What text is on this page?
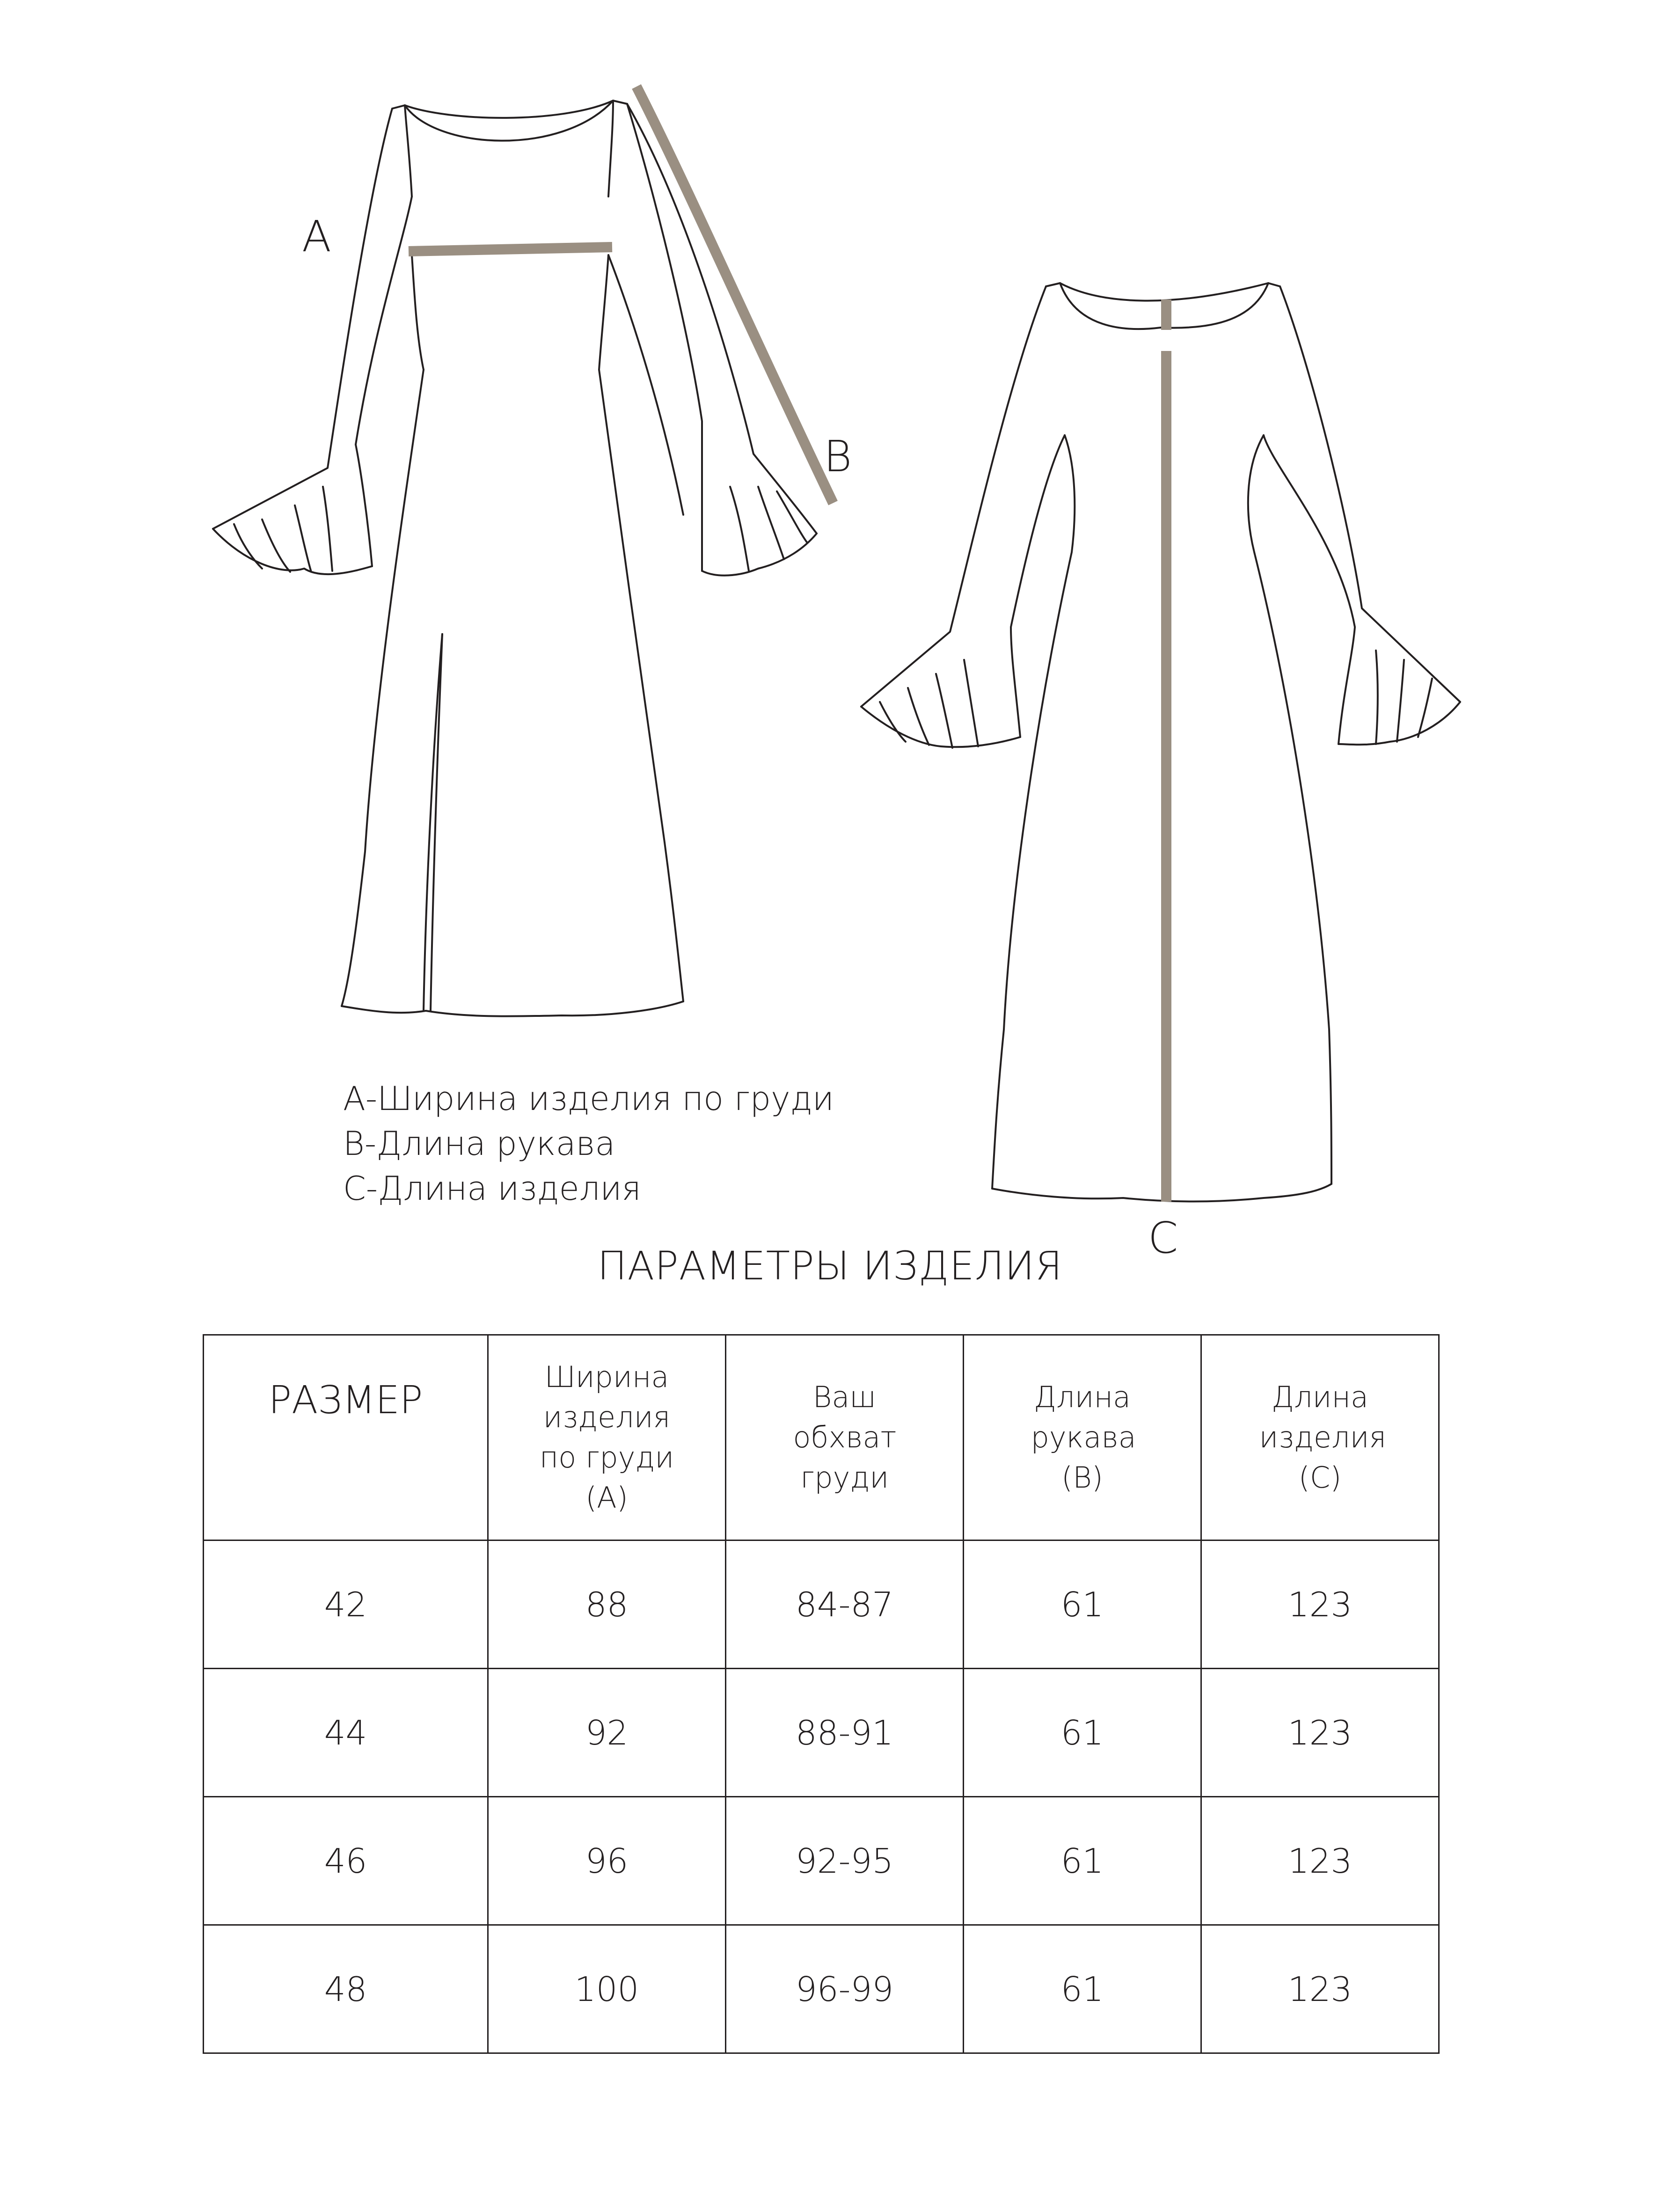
A
B
C
А-Ширина изделия по груди
В-Длина рукава
С-Длина изделия
ПАРАМЕТРЫ ИЗДЕЛИЯ
РАЗМЕР	Ширина изделия по груди (А)	Ваш обхват груди	Длина рукава (В)	Длина изделия (С)

42	88	84-87	61	123
44	92	88-91	61	123
46	96	92-95	61	123
48	100	96-99	61	123
